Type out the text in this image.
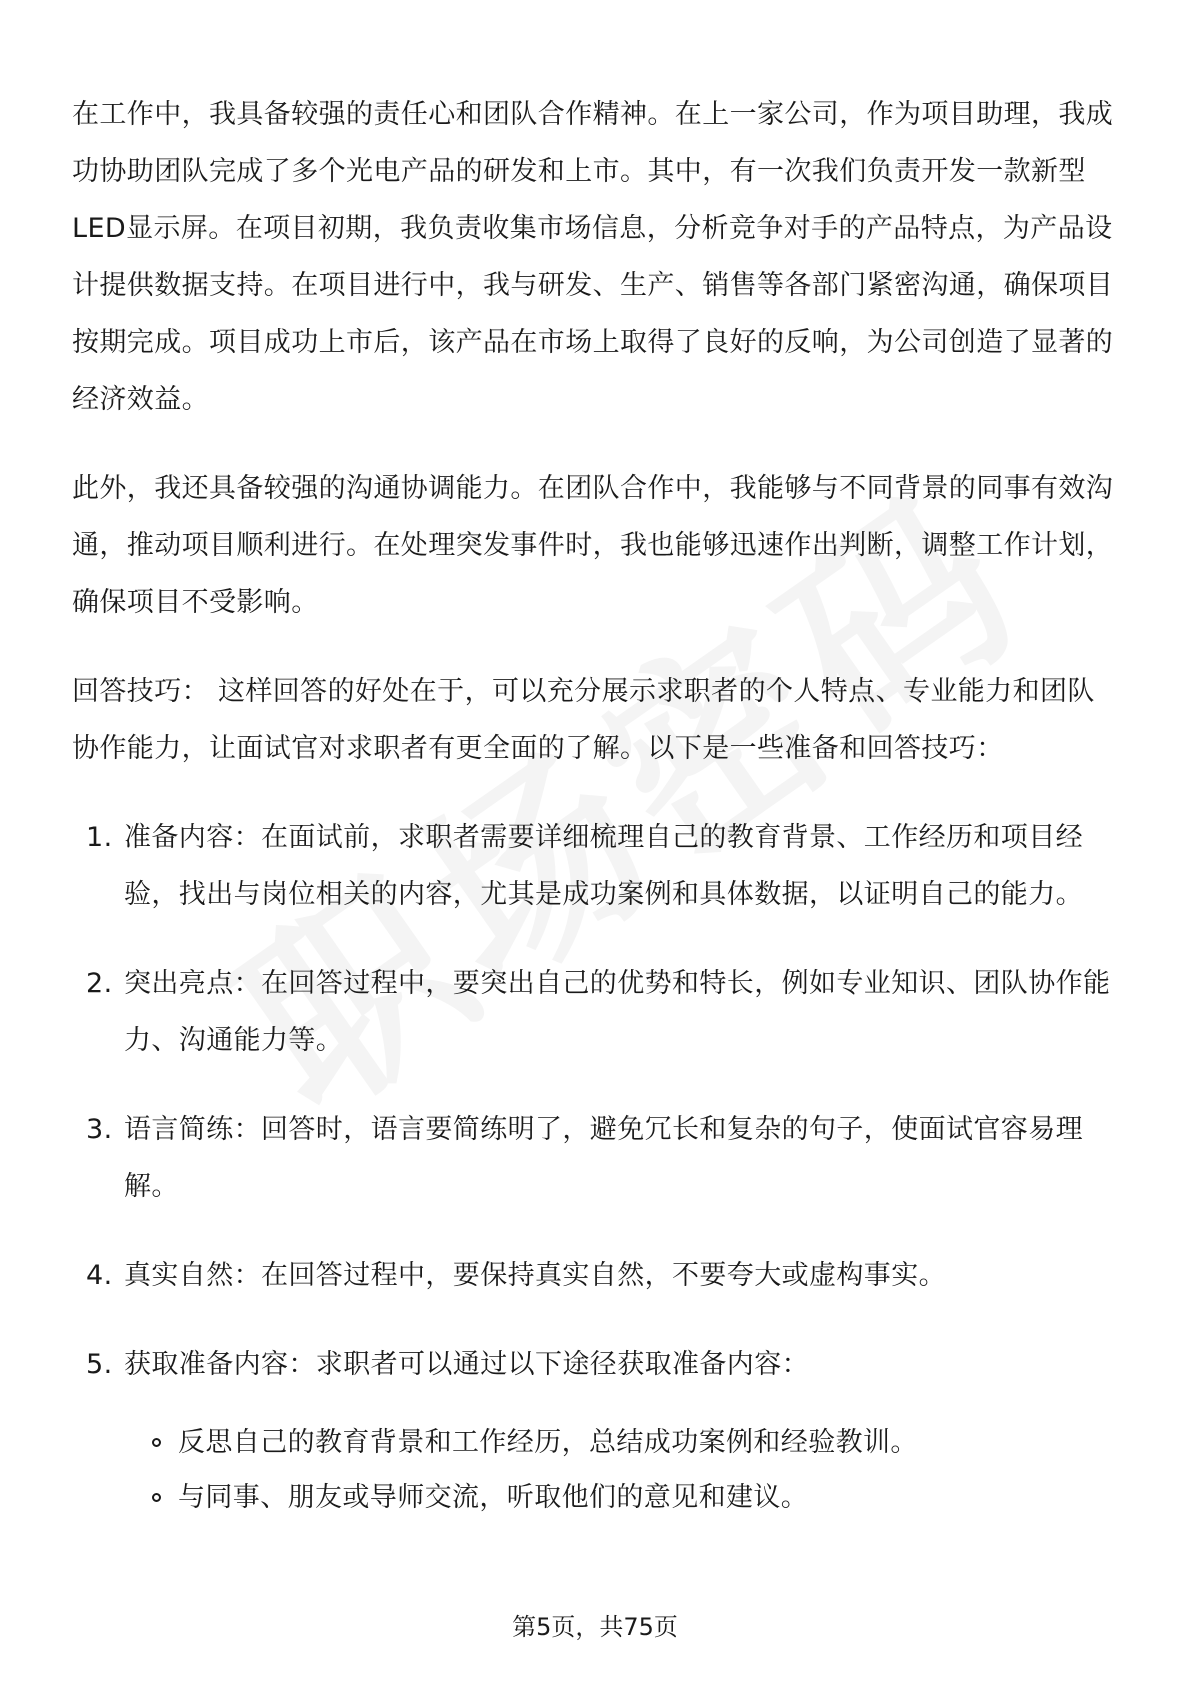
在工作中，我具备较强的责任心和团队合作精神。在上一家公司，作为项目助理，我成功协助团队完成了多个光电产品的研发和上市。其中，有一次我们负责开发一款新型LED显示屏。在项目初期，我负责收集市场信息，分析竞争对手的产品特点，为产品设计提供数据支持。在项目进行中，我与研发、生产、销售等各部门紧密沟通，确保项目按期完成。项目成功上市后，该产品在市场上取得了良好的反响，为公司创造了显著的经济效益。

此外，我还具备较强的沟通协调能力。在团队合作中，我能够与不同背景的同事有效沟通，推动项目顺利进行。在处理突发事件时，我也能够迅速作出判断，调整工作计划，确保项目不受影响。

回答技巧： 这样回答的好处在于，可以充分展示求职者的个人特点、专业能力和团队协作能力，让面试官对求职者有更全面的了解。以下是一些准备和回答技巧：

1. 准备内容：在面试前，求职者需要详细梳理自己的教育背景、工作经历和项目经验，找出与岗位相关的内容，尤其是成功案例和具体数据，以证明自己的能力。
2. 突出亮点：在回答过程中，要突出自己的优势和特长，例如专业知识、团队协作能力、沟通能力等。
3. 语言简练：回答时，语言要简练明了，避免冗长和复杂的句子，使面试官容易理解。
4. 真实自然：在回答过程中，要保持真实自然，不要夸大或虚构事实。
5. 获取准备内容：求职者可以通过以下途径获取准备内容：
反思自己的教育背景和工作经历，总结成功案例和经验教训。
与同事、朋友或导师交流，听取他们的意见和建议。
第5页，共75页
